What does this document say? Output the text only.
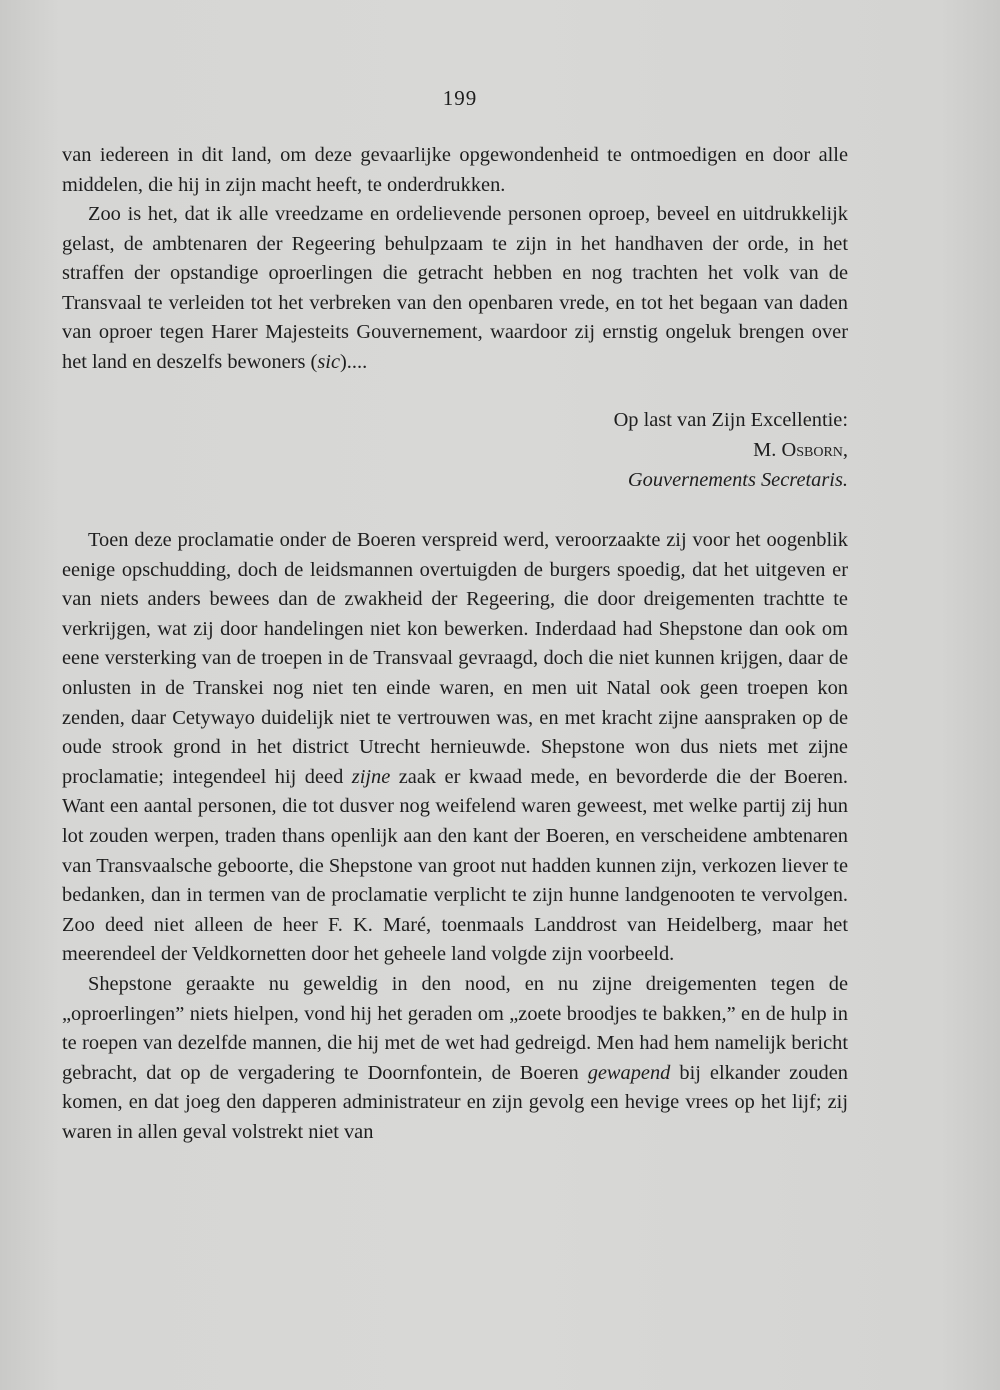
199

van iedereen in dit land, om deze gevaarlijke opgewondenheid te ontmoedigen en door alle middelen, die hij in zijn macht heeft, te onderdrukken.

Zoo is het, dat ik alle vreedzame en ordelievende personen oproep, beveel en uitdrukkelijk gelast, de ambtenaren der Regeering behulpzaam te zijn in het handhaven der orde, in het straffen der opstandige oproerlingen die getracht hebben en nog trachten het volk van de Transvaal te verleiden tot het verbreken van den openbaren vrede, en tot het begaan van daden van oproer tegen Harer Majesteits Gouvernement, waardoor zij ernstig ongeluk brengen over het land en deszelfs bewoners (sic)....

Op last van Zijn Excellentie:
M. Osborn,
Gouvernements Secretaris.

Toen deze proclamatie onder de Boeren verspreid werd, veroorzaakte zij voor het oogenblik eenige opschudding, doch de leidsmannen overtuigden de burgers spoedig, dat het uitgeven er van niets anders bewees dan de zwakheid der Regeering, die door dreigementen trachtte te verkrijgen, wat zij door handelingen niet kon bewerken. Inderdaad had Shepstone dan ook om eene versterking van de troepen in de Transvaal gevraagd, doch die niet kunnen krijgen, daar de onlusten in de Transkei nog niet ten einde waren, en men uit Natal ook geen troepen kon zenden, daar Cetywayo duidelijk niet te vertrouwen was, en met kracht zijne aanspraken op de oude strook grond in het district Utrecht hernieuwde. Shepstone won dus niets met zijne proclamatie; integendeel hij deed zijne zaak er kwaad mede, en bevorderde die der Boeren. Want een aantal personen, die tot dusver nog weifelend waren geweest, met welke partij zij hun lot zouden werpen, traden thans openlijk aan den kant der Boeren, en verscheidene ambtenaren van Transvaalsche geboorte, die Shepstone van groot nut hadden kunnen zijn, verkozen liever te bedanken, dan in termen van de proclamatie verplicht te zijn hunne landgenooten te vervolgen. Zoo deed niet alleen de heer F. K. Maré, toenmaals Landdrost van Heidelberg, maar het meerendeel der Veldkornetten door het geheele land volgde zijn voorbeeld.

Shepstone geraakte nu geweldig in den nood, en nu zijne dreigementen tegen de „oproerlingen” niets hielpen, vond hij het geraden om „zoete broodjes te bakken,” en de hulp in te roepen van dezelfde mannen, die hij met de wet had gedreigd. Men had hem namelijk bericht gebracht, dat op de vergadering te Doornfontein, de Boeren gewapend bij elkander zouden komen, en dat joeg den dapperen administrateur en zijn gevolg een hevige vrees op het lijf; zij waren in allen geval volstrekt niet van
